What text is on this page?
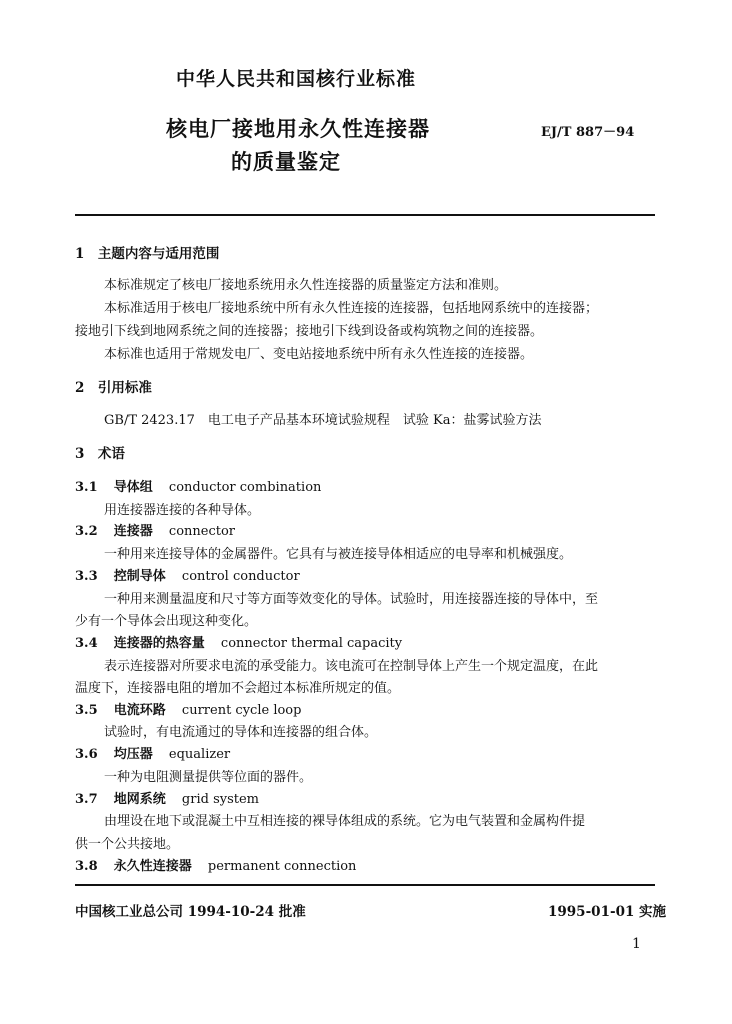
中华人民共和国核行业标准
核电厂接地用永久性连接器
的质量鉴定
EJ/T 887－94
1　主题内容与适用范围
本标准规定了核电厂接地系统用永久性连接器的质量鉴定方法和准则。
本标准适用于核电厂接地系统中所有永久性连接的连接器，包括地网系统中的连接器；
接地引下线到地网系统之间的连接器；接地引下线到设备或构筑物之间的连接器。
本标准也适用于常规发电厂、变电站接地系统中所有永久性连接的连接器。
2　引用标准
GB/T 2423.17　电工电子产品基本环境试验规程　试验 Ka：盐雾试验方法
3　术语
3.1 导体组 conductor combination
用连接器连接的各种导体。
3.2 连接器 connector
一种用来连接导体的金属器件。它具有与被连接导体相适应的电导率和机械强度。
3.3 控制导体 control conductor
一种用来测量温度和尺寸等方面等效变化的导体。试验时，用连接器连接的导体中，至
少有一个导体会出现这种变化。
3.4 连接器的热容量 connector thermal capacity
表示连接器对所要求电流的承受能力。该电流可在控制导体上产生一个规定温度，在此
温度下，连接器电阻的增加不会超过本标准所规定的值。
3.5 电流环路 current cycle loop
试验时，有电流通过的导体和连接器的组合体。
3.6 均压器 equalizer
一种为电阻测量提供等位面的器件。
3.7 地网系统 grid system
由埋设在地下或混凝土中互相连接的裸导体组成的系统。它为电气装置和金属构件提
供一个公共接地。
3.8 永久性连接器 permanent connection
中国核工业总公司 1994-10-24 批准	1995-01-01 实施
1
